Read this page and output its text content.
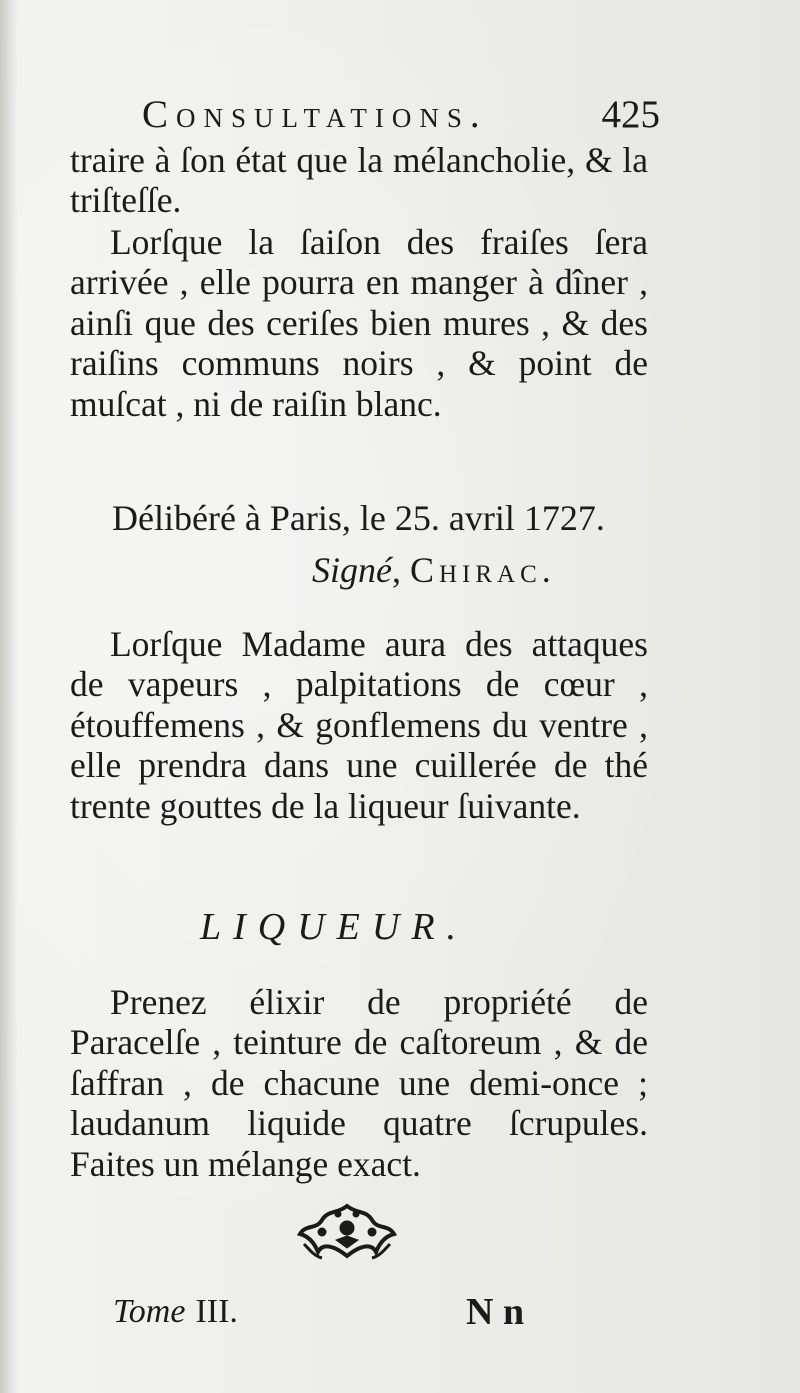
Consultations.	425

traire à ſon état que la mélancholie, & la triſteſſe.

Lorſque la ſaiſon des fraiſes ſera arrivée , elle pourra en manger à dîner , ainſi que des ceriſes bien mures , & des raiſins communs noirs , & point de muſcat , ni de raiſin blanc.

Délibéré à Paris, le 25. avril 1727.
Signé, Chirac.

Lorſque Madame aura des attaques de vapeurs , palpitations de cœur , étouffemens , & gonflemens du ventre , elle prendra dans une cuillerée de thé trente gouttes de la liqueur ſuivante.

LIQUEUR.

Prenez élixir de propriété de Paracelſe , teinture de caſtoreum , & de ſaffran , de chacune une demi-once ; laudanum liquide quatre ſcrupules. Faites un mélange exact.

Tome III.	N n
